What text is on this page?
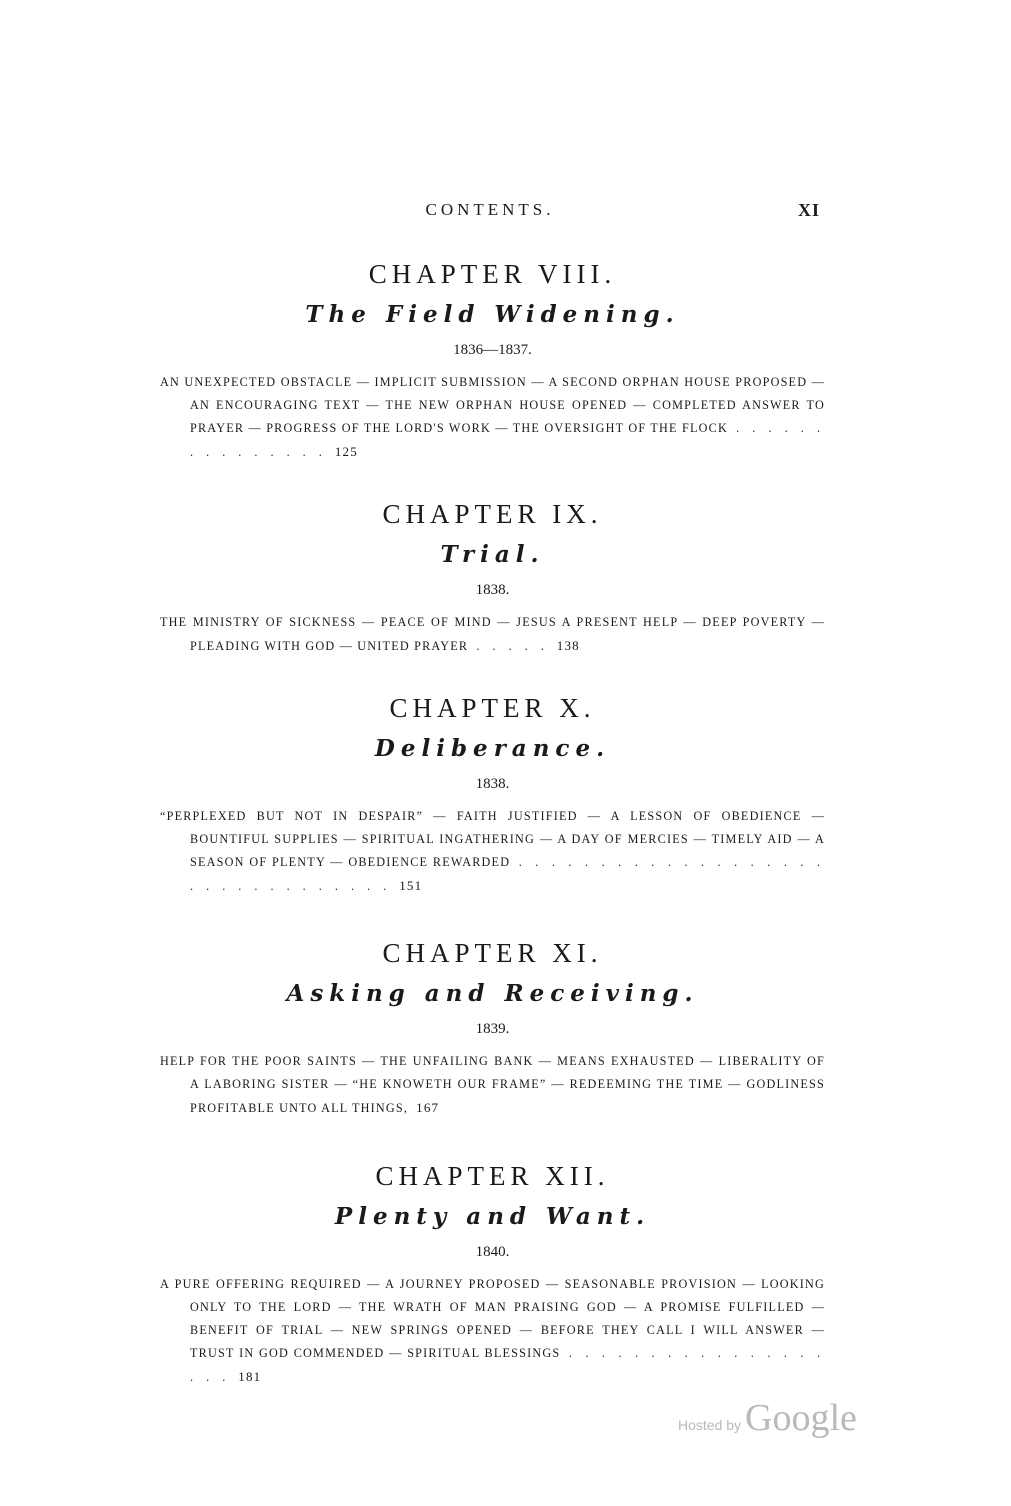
CONTENTS.	XI
CHAPTER VIII.
The Field Widening.
1836—1837.
AN UNEXPECTED OBSTACLE — IMPLICIT SUBMISSION — A SECOND ORPHAN HOUSE PROPOSED — AN ENCOURAGING TEXT — THE NEW ORPHAN HOUSE OPENED — COMPLETED ANSWER TO PRAYER — PROGRESS OF THE LORD'S WORK — THE OVERSIGHT OF THE FLOCK . . . . . . . . . . . . . . . 125
CHAPTER IX.
Trial.
1838.
THE MINISTRY OF SICKNESS — PEACE OF MIND — JESUS A PRESENT HELP — DEEP POVERTY — PLEADING WITH GOD — UNITED PRAYER . . . . . 138
CHAPTER X.
Deliberance.
1838.
“PERPLEXED BUT NOT IN DESPAIR” — FAITH JUSTIFIED — A LESSON OF OBEDIENCE — BOUNTIFUL SUPPLIES — SPIRITUAL INGATHERING — A DAY OF MERCIES — TIMELY AID — A SEASON OF PLENTY — OBEDIENCE REWARDED . . . . . . . . . . . . . . . . . . . . . . . . . . . . . . . . 151
CHAPTER XI.
Asking and Receiving.
1839.
HELP FOR THE POOR SAINTS — THE UNFAILING BANK — MEANS EXHAUSTED — LIBERALITY OF A LABORING SISTER — “HE KNOWETH OUR FRAME” — REDEEMING THE TIME — GODLINESS PROFITABLE UNTO ALL THINGS, 167
CHAPTER XII.
Plenty and Want.
1840.
A PURE OFFERING REQUIRED — A JOURNEY PROPOSED — SEASONABLE PROVISION — LOOKING ONLY TO THE LORD — THE WRATH OF MAN PRAISING GOD — A PROMISE FULFILLED — BENEFIT OF TRIAL — NEW SPRINGS OPENED — BEFORE THEY CALL I WILL ANSWER — TRUST IN GOD COMMENDED — SPIRITUAL BLESSINGS . . . . . . . . . . . . . . . . . . . 181
Hosted by Google
